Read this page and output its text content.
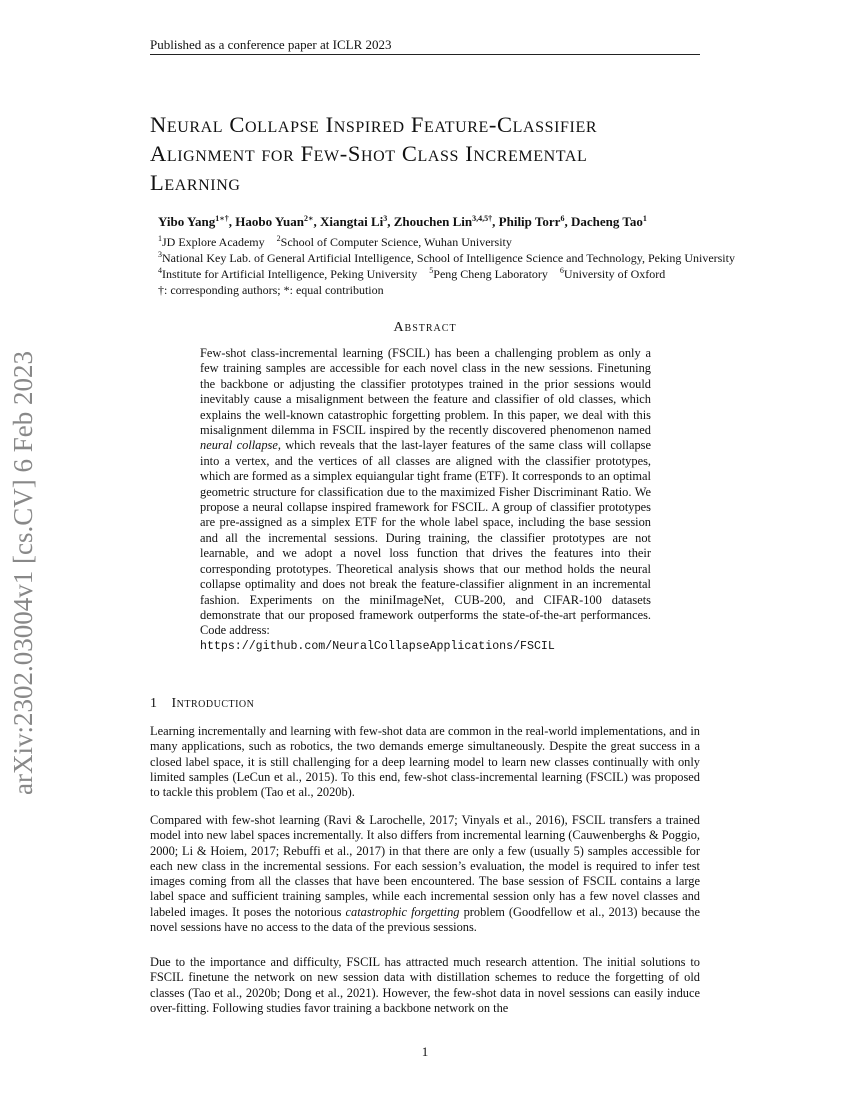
Published as a conference paper at ICLR 2023
arXiv:2302.03004v1 [cs.CV] 6 Feb 2023
Neural Collapse Inspired Feature-Classifier
Alignment for Few-Shot Class Incremental
Learning
Yibo Yang$^{1∗\dagger}$, Haobo Yuan$^{2∗}$, Xiangtai Li$^3$, Zhouchen Lin$^{3,4,5\dagger}$, Philip Torr$^6$, Dacheng Tao$^1$
$^1$JD Explore Academy $^2$School of Computer Science, Wuhan University
$^3$National Key Lab. of General Artificial Intelligence, School of Intelligence Science and Technology, Peking University
$^4$Institute for Artificial Intelligence, Peking University $^5$Peng Cheng Laboratory $^6$University of Oxford
†: corresponding authors; *: equal contribution
Abstract
Few-shot class-incremental learning (FSCIL) has been a challenging problem as only a few training samples are accessible for each novel class in the new sessions. Finetuning the backbone or adjusting the classifier prototypes trained in the prior sessions would inevitably cause a misalignment between the feature and classifier of old classes, which explains the well-known catastrophic forgetting problem. In this paper, we deal with this misalignment dilemma in FSCIL inspired by the recently discovered phenomenon named neural collapse, which reveals that the last-layer features of the same class will collapse into a vertex, and the vertices of all classes are aligned with the classifier prototypes, which are formed as a simplex equiangular tight frame (ETF). It corresponds to an optimal geometric structure for classification due to the maximized Fisher Discriminant Ratio. We propose a neural collapse inspired framework for FSCIL. A group of classifier prototypes are pre-assigned as a simplex ETF for the whole label space, including the base session and all the incremental sessions. During training, the classifier prototypes are not learnable, and we adopt a novel loss function that drives the features into their corresponding prototypes. Theoretical analysis shows that our method holds the neural collapse optimality and does not break the feature-classifier alignment in an incremental fashion. Experiments on the miniImageNet, CUB-200, and CIFAR-100 datasets demonstrate that our proposed framework outperforms the state-of-the-art performances. Code address:
https://github.com/NeuralCollapseApplications/FSCIL
1 Introduction

Learning incrementally and learning with few-shot data are common in the real-world implementations, and in many applications, such as robotics, the two demands emerge simultaneously. Despite the great success in a closed label space, it is still challenging for a deep learning model to learn new classes continually with only limited samples (LeCun et al., 2015). To this end, few-shot class-incremental learning (FSCIL) was proposed to tackle this problem (Tao et al., 2020b).

Compared with few-shot learning (Ravi & Larochelle, 2017; Vinyals et al., 2016), FSCIL transfers a trained model into new label spaces incrementally. It also differs from incremental learning (Cauwenberghs & Poggio, 2000; Li & Hoiem, 2017; Rebuffi et al., 2017) in that there are only a few (usually 5) samples accessible for each new class in the incremental sessions. For each session’s evaluation, the model is required to infer test images coming from all the classes that have been encountered. The base session of FSCIL contains a large label space and sufficient training samples, while each incremental session only has a few novel classes and labeled images. It poses the notorious catastrophic forgetting problem (Goodfellow et al., 2013) because the novel sessions have no access to the data of the previous sessions.

Due to the importance and difficulty, FSCIL has attracted much research attention. The initial solutions to FSCIL finetune the network on new session data with distillation schemes to reduce the forgetting of old classes (Tao et al., 2020b; Dong et al., 2021). However, the few-shot data in novel sessions can easily induce over-fitting. Following studies favor training a backbone network on the

1
